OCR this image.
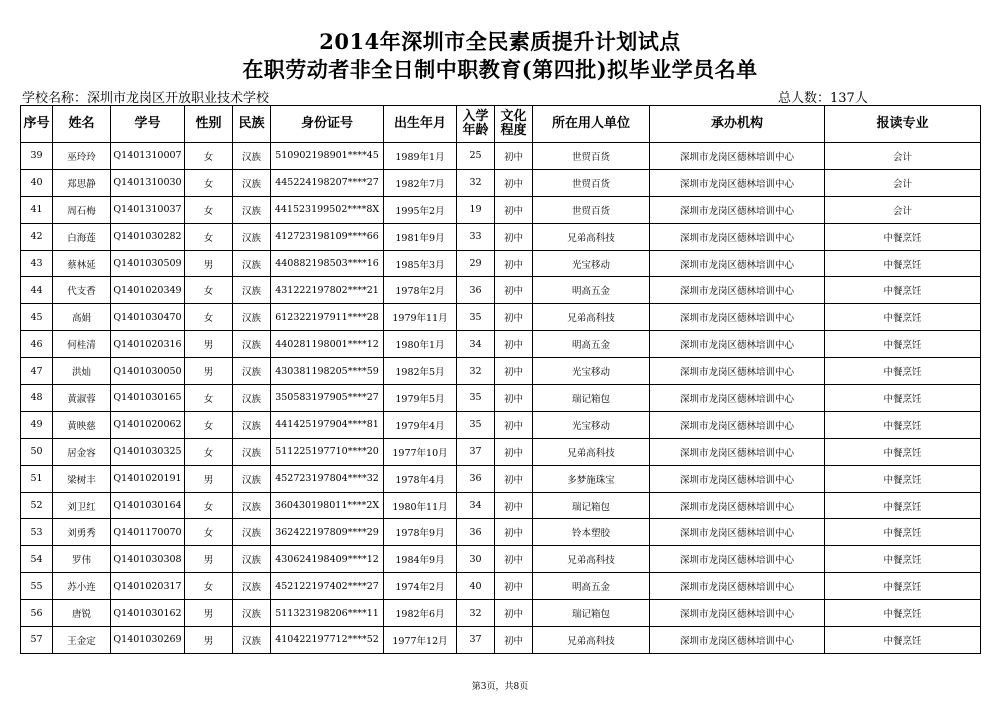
2014年深圳市全民素质提升计划试点
在职劳动者非全日制中职教育(第四批)拟毕业学员名单
学校名称：深圳市龙岗区开放职业技术学校	总人数：137人
序号	姓名	学号	性别	民族	身份证号	出生年月	入学年龄	文化程度	所在用人单位	承办机构	报读专业
39	巫玲玲	Q1401310007	女	汉族	510902198901****45	1989年1月	25	初中	世贸百货	深圳市龙岗区德林培训中心	会计
40	郑思静	Q1401310030	女	汉族	445224198207****27	1982年7月	32	初中	世贸百货	深圳市龙岗区德林培训中心	会计
41	周石梅	Q1401310037	女	汉族	441523199502****8X	1995年2月	19	初中	世贸百货	深圳市龙岗区德林培训中心	会计
42	白海莲	Q1401030282	女	汉族	412723198109****66	1981年9月	33	初中	兄弟高科技	深圳市龙岗区德林培训中心	中餐烹饪
43	蔡林延	Q1401030509	男	汉族	440882198503****16	1985年3月	29	初中	光宝移动	深圳市龙岗区德林培训中心	中餐烹饪
44	代支香	Q1401020349	女	汉族	431222197802****21	1978年2月	36	初中	明高五金	深圳市龙岗区德林培训中心	中餐烹饪
45	高娟	Q1401030470	女	汉族	612322197911****28	1979年11月	35	初中	兄弟高科技	深圳市龙岗区德林培训中心	中餐烹饪
46	何桂清	Q1401020316	男	汉族	440281198001****12	1980年1月	34	初中	明高五金	深圳市龙岗区德林培训中心	中餐烹饪
47	洪灿	Q1401030050	男	汉族	430381198205****59	1982年5月	32	初中	光宝移动	深圳市龙岗区德林培训中心	中餐烹饪
48	黄淑蓉	Q1401030165	女	汉族	350583197905****27	1979年5月	35	初中	瑞记箱包	深圳市龙岗区德林培训中心	中餐烹饪
49	黄映慈	Q1401020062	女	汉族	441425197904****81	1979年4月	35	初中	光宝移动	深圳市龙岗区德林培训中心	中餐烹饪
50	居金容	Q1401030325	女	汉族	511225197710****20	1977年10月	37	初中	兄弟高科技	深圳市龙岗区德林培训中心	中餐烹饪
51	梁树丰	Q1401020191	男	汉族	452723197804****32	1978年4月	36	初中	多梦施珠宝	深圳市龙岗区德林培训中心	中餐烹饪
52	刘卫红	Q1401030164	女	汉族	360430198011****2X	1980年11月	34	初中	瑞记箱包	深圳市龙岗区德林培训中心	中餐烹饪
53	刘勇秀	Q1401170070	女	汉族	362422197809****29	1978年9月	36	初中	铃本塑胶	深圳市龙岗区德林培训中心	中餐烹饪
54	罗伟	Q1401030308	男	汉族	430624198409****12	1984年9月	30	初中	兄弟高科技	深圳市龙岗区德林培训中心	中餐烹饪
55	苏小连	Q1401020317	女	汉族	452122197402****27	1974年2月	40	初中	明高五金	深圳市龙岗区德林培训中心	中餐烹饪
56	唐锐	Q1401030162	男	汉族	511323198206****11	1982年6月	32	初中	瑞记箱包	深圳市龙岗区德林培训中心	中餐烹饪
57	王金定	Q1401030269	男	汉族	410422197712****52	1977年12月	37	初中	兄弟高科技	深圳市龙岗区德林培训中心	中餐烹饪
第3页，共8页
